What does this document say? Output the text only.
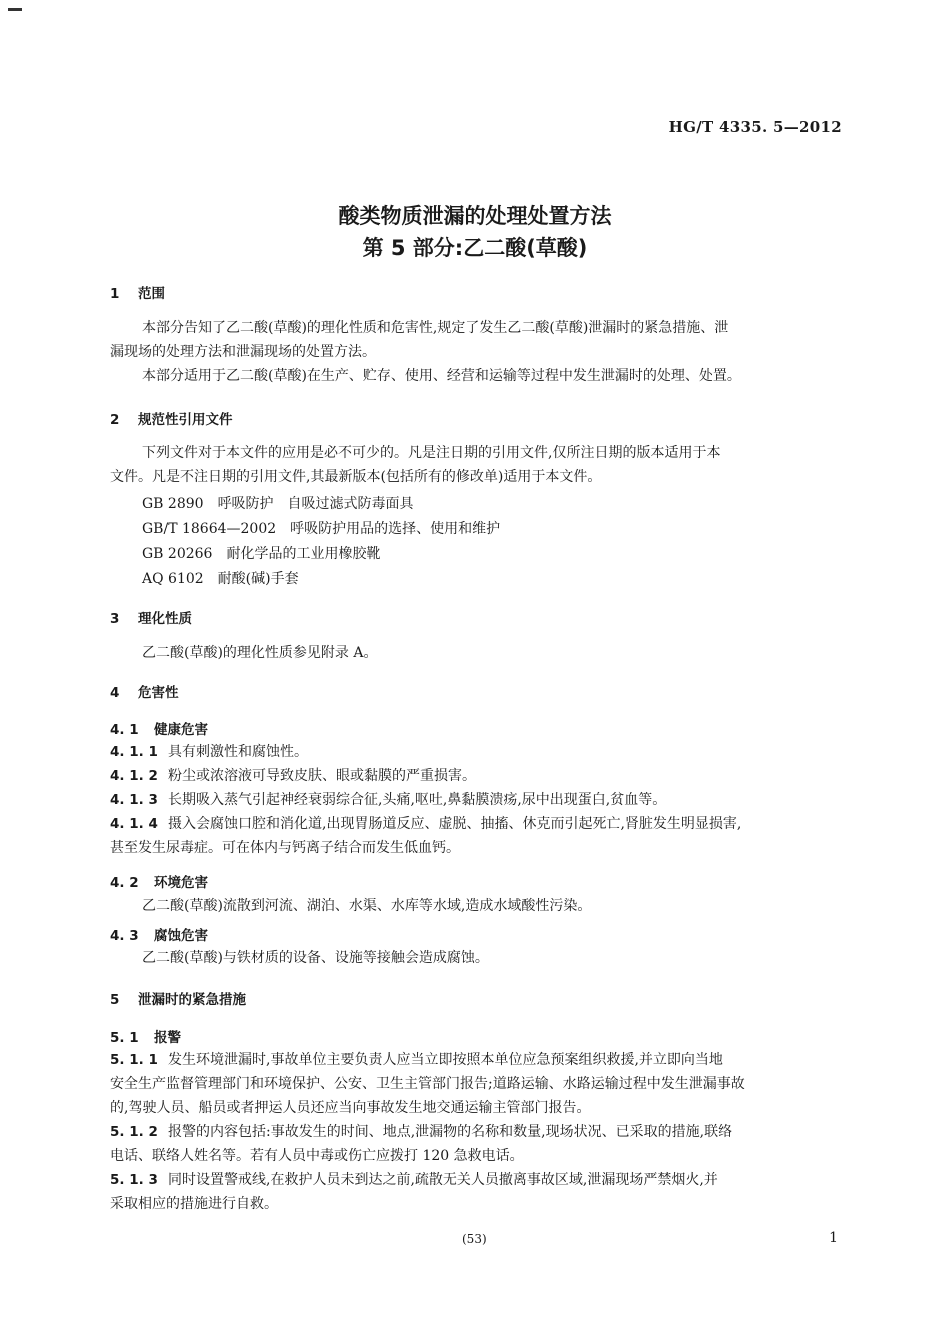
HG/T 4335. 5—2012
酸类物质泄漏的处理处置方法
第 5 部分:乙二酸(草酸)
1 范围
本部分告知了乙二酸(草酸)的理化性质和危害性,规定了发生乙二酸(草酸)泄漏时的紧急措施、泄
漏现场的处理方法和泄漏现场的处置方法。
本部分适用于乙二酸(草酸)在生产、贮存、使用、经营和运输等过程中发生泄漏时的处理、处置。
2 规范性引用文件
下列文件对于本文件的应用是必不可少的。凡是注日期的引用文件,仅所注日期的版本适用于本
文件。凡是不注日期的引用文件,其最新版本(包括所有的修改单)适用于本文件。
GB 2890　 呼吸防护　自吸过滤式防毒面具
GB/T 18664—2002　 呼吸防护用品的选择、使用和维护
GB 20266　 耐化学品的工业用橡胶靴
AQ 6102　 耐酸(碱)手套
3 理化性质
乙二酸(草酸)的理化性质参见附录 A。
4 危害性
4. 1 健康危害
4. 1. 1 具有刺激性和腐蚀性。
4. 1. 2 粉尘或浓溶液可导致皮肤、眼或黏膜的严重损害。
4. 1. 3 长期吸入蒸气引起神经衰弱综合征,头痛,呕吐,鼻黏膜溃疡,尿中出现蛋白,贫血等。
4. 1. 4 摄入会腐蚀口腔和消化道,出现胃肠道反应、虚脱、抽搐、休克而引起死亡,肾脏发生明显损害,
甚至发生尿毒症。可在体内与钙离子结合而发生低血钙。
4. 2 环境危害
乙二酸(草酸)流散到河流、湖泊、水渠、水库等水域,造成水域酸性污染。
4. 3 腐蚀危害
乙二酸(草酸)与铁材质的设备、设施等接触会造成腐蚀。
5 泄漏时的紧急措施
5. 1 报警
5. 1. 1 发生环境泄漏时,事故单位主要负责人应当立即按照本单位应急预案组织救援,并立即向当地
安全生产监督管理部门和环境保护、公安、卫生主管部门报告;道路运输、水路运输过程中发生泄漏事故
的,驾驶人员、船员或者押运人员还应当向事故发生地交通运输主管部门报告。
5. 1. 2 报警的内容包括:事故发生的时间、地点,泄漏物的名称和数量,现场状况、已采取的措施,联络
电话、联络人姓名等。若有人员中毒或伤亡应拨打 120 急救电话。
5. 1. 3 同时设置警戒线,在救护人员未到达之前,疏散无关人员撤离事故区域,泄漏现场严禁烟火,并
采取相应的措施进行自救。
(53)	1
